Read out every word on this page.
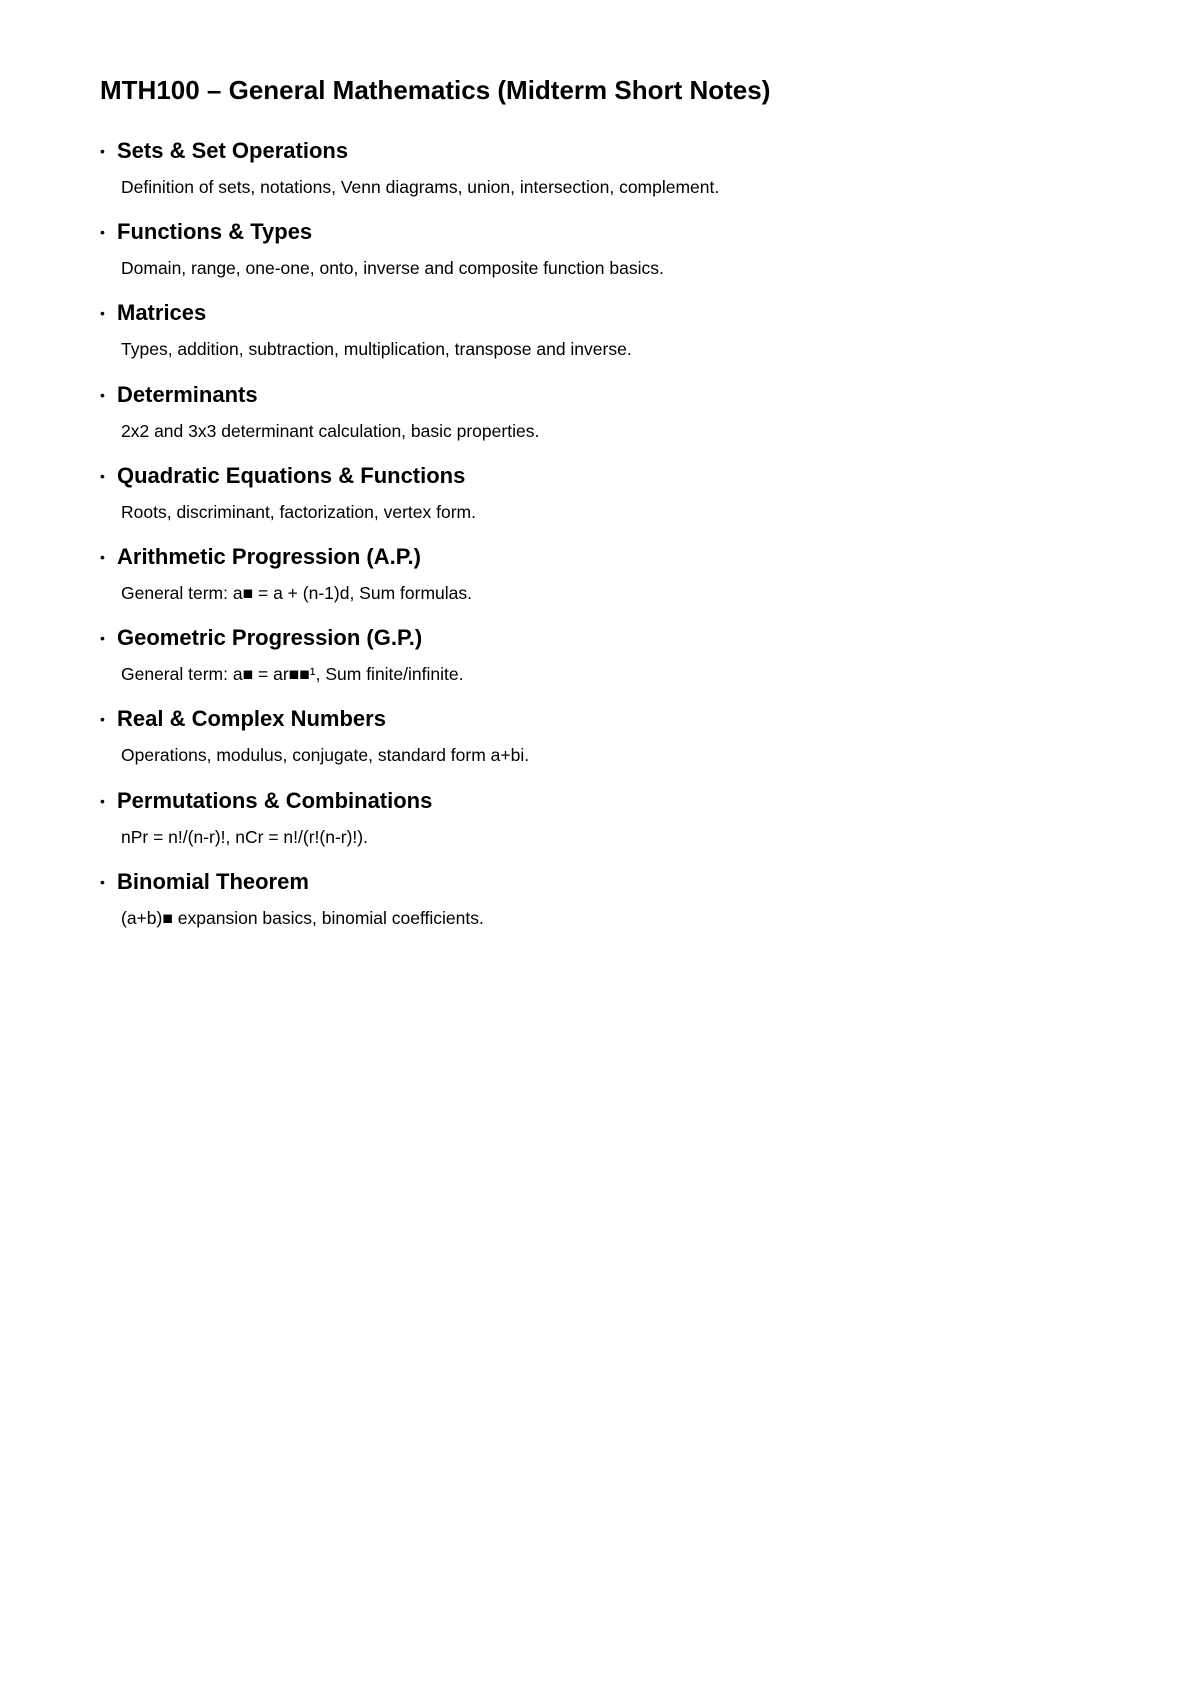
MTH100 – General Mathematics (Midterm Short Notes)
• Sets & Set Operations
Definition of sets, notations, Venn diagrams, union, intersection, complement.
• Functions & Types
Domain, range, one-one, onto, inverse and composite function basics.
• Matrices
Types, addition, subtraction, multiplication, transpose and inverse.
• Determinants
2x2 and 3x3 determinant calculation, basic properties.
• Quadratic Equations & Functions
Roots, discriminant, factorization, vertex form.
• Arithmetic Progression (A.P.)
General term: a■ = a + (n-1)d, Sum formulas.
• Geometric Progression (G.P.)
General term: a■ = ar■■¹, Sum finite/infinite.
• Real & Complex Numbers
Operations, modulus, conjugate, standard form a+bi.
• Permutations & Combinations
nPr = n!/(n-r)!, nCr = n!/(r!(n-r)!).
• Binomial Theorem
(a+b)■ expansion basics, binomial coefficients.
